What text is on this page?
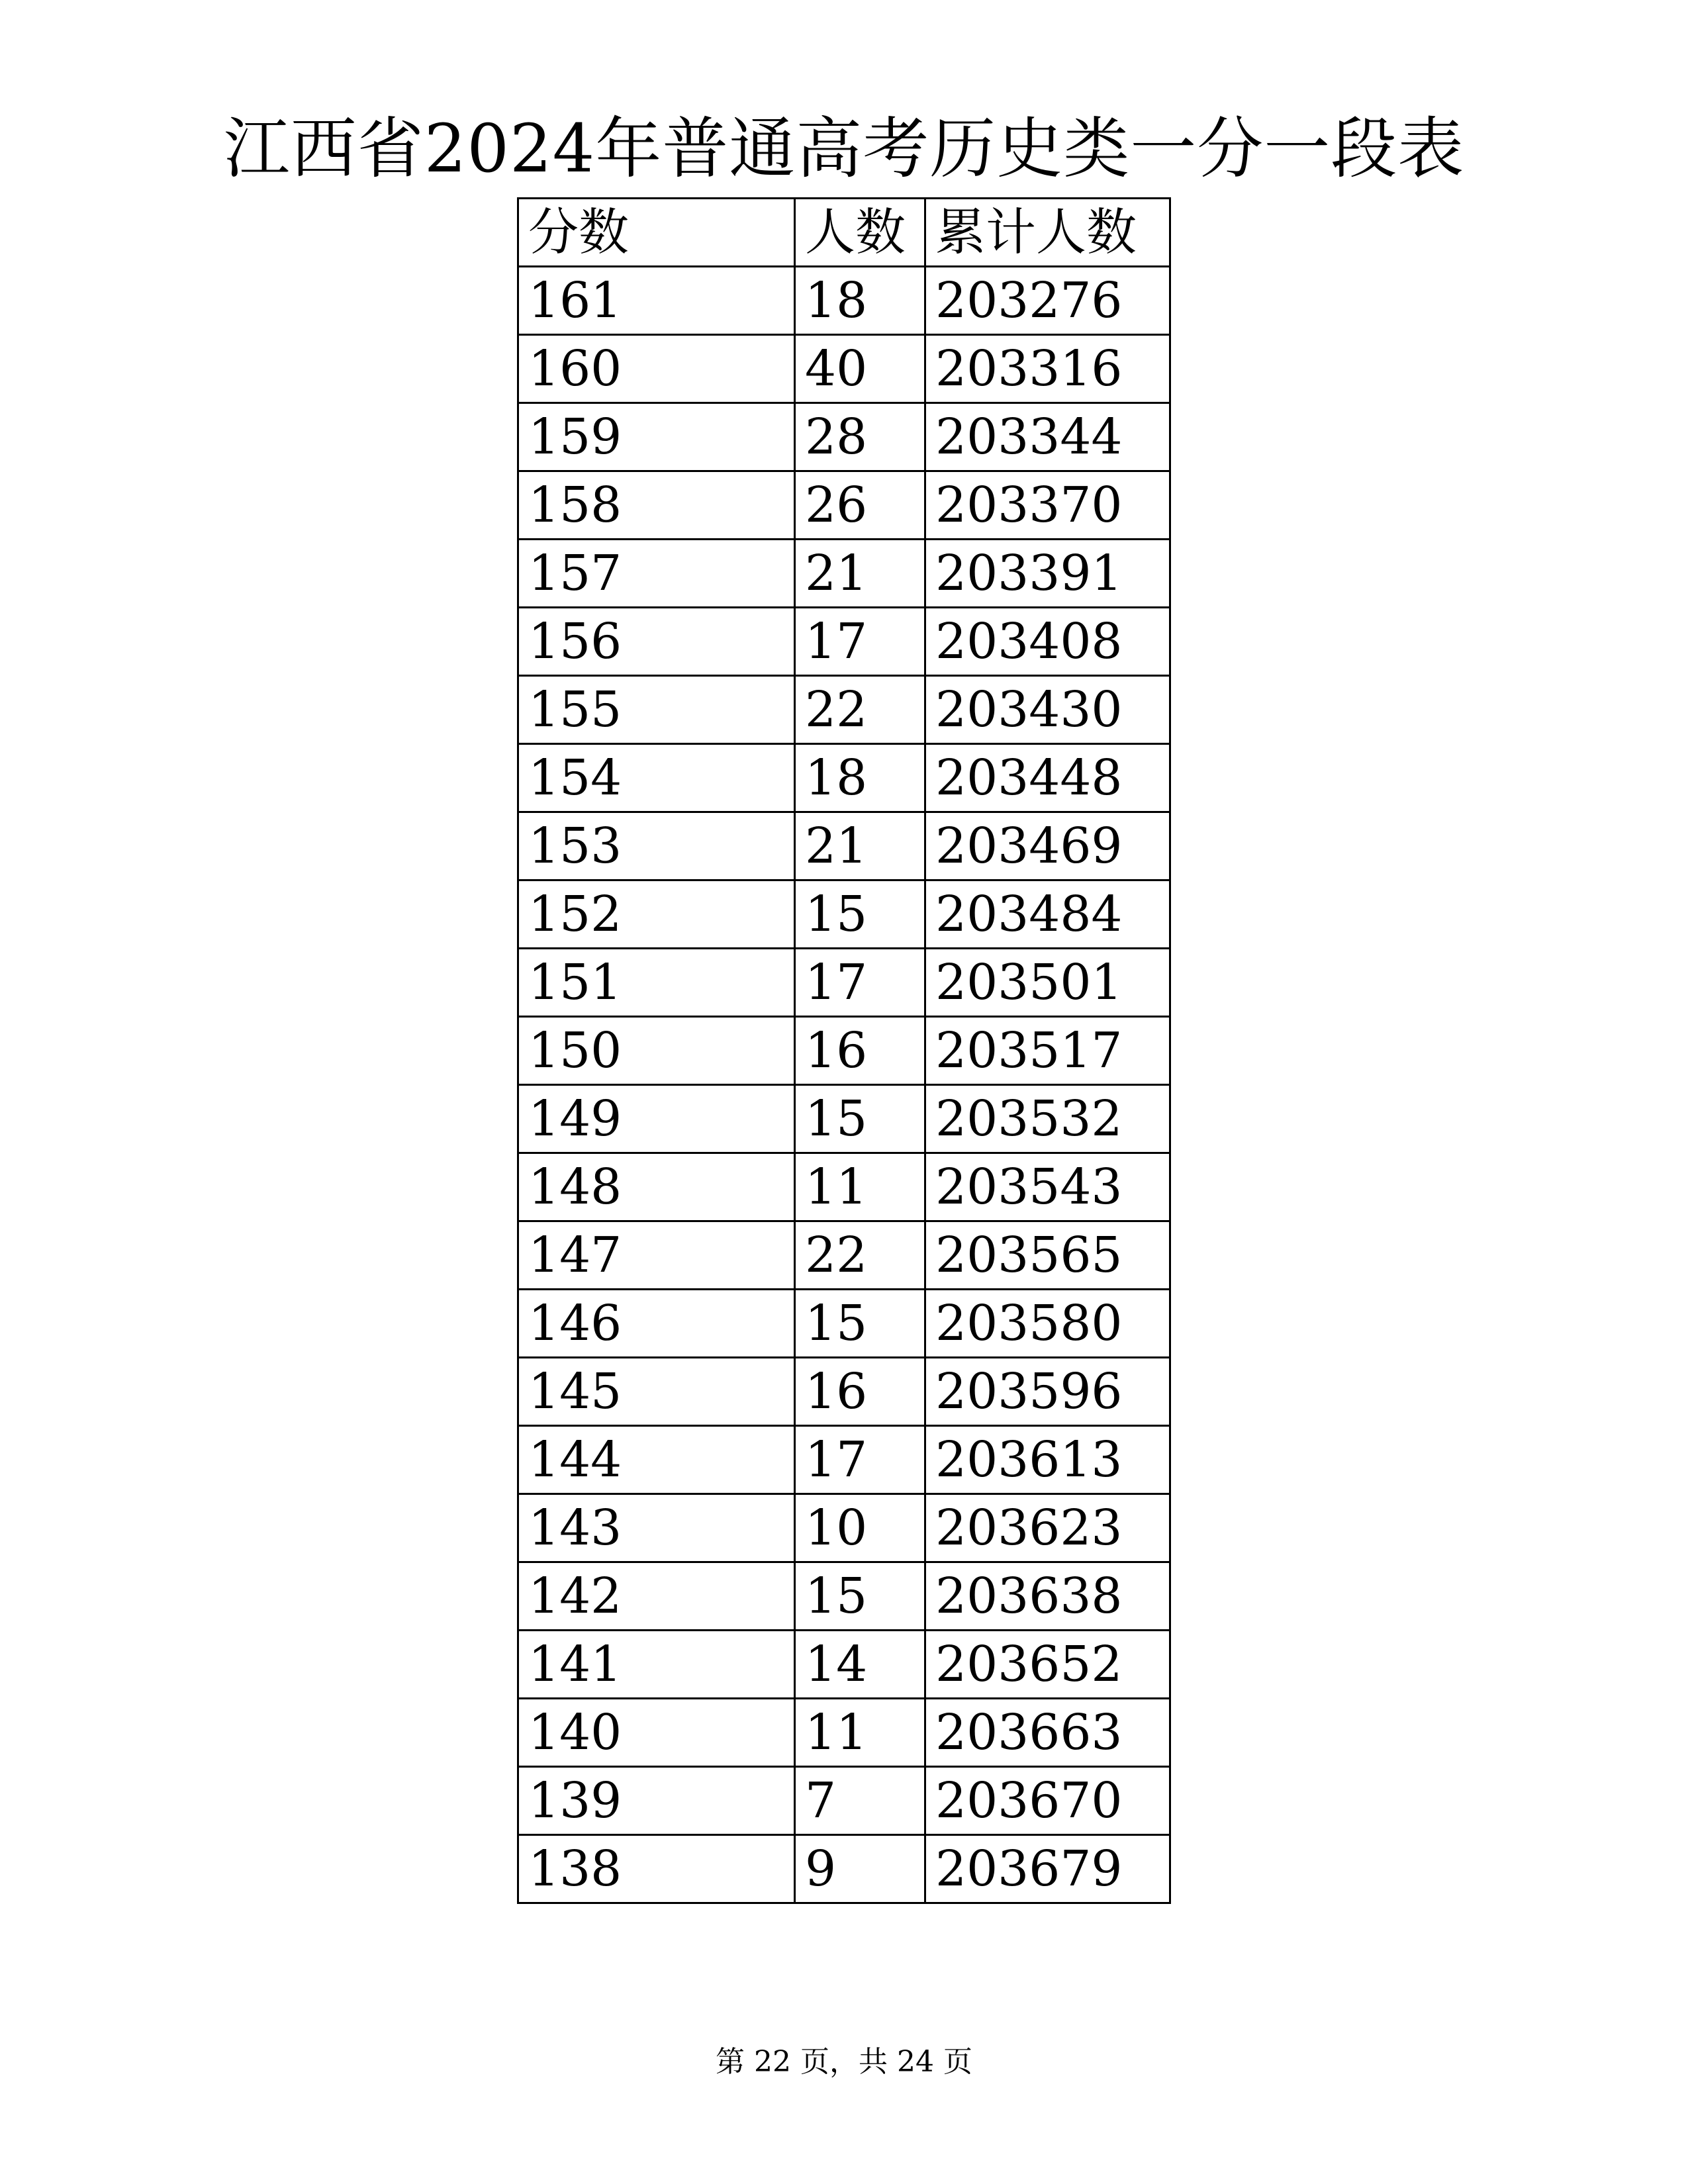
江西省2024年普通高考历史类一分一段表
分数	人数	累计人数
161	18	203276
160	40	203316
159	28	203344
158	26	203370
157	21	203391
156	17	203408
155	22	203430
154	18	203448
153	21	203469
152	15	203484
151	17	203501
150	16	203517
149	15	203532
148	11	203543
147	22	203565
146	15	203580
145	16	203596
144	17	203613
143	10	203623
142	15	203638
141	14	203652
140	11	203663
139	7	203670
138	9	203679
第 22 页，共 24 页
